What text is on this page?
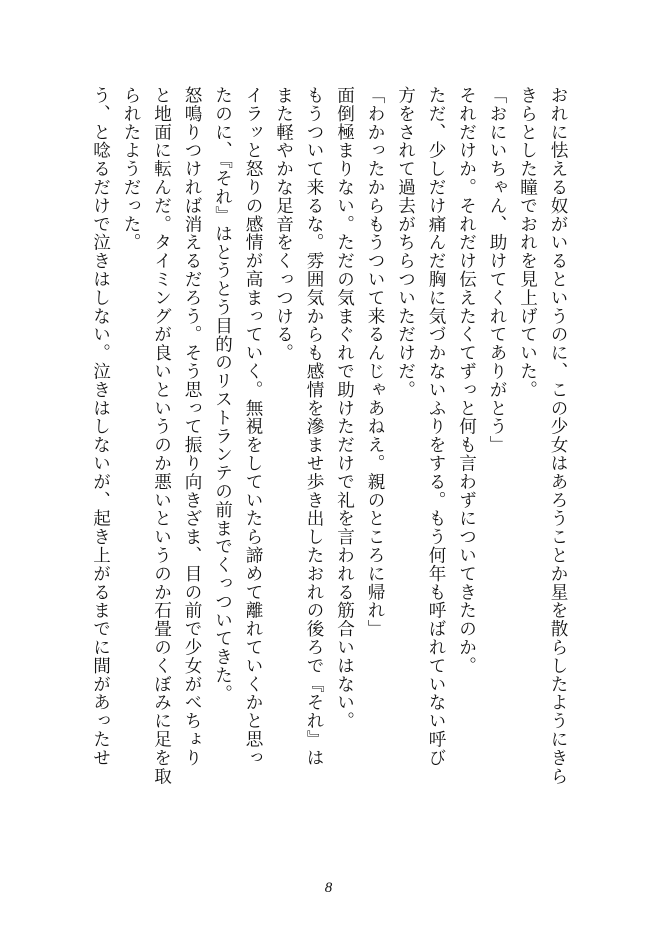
おれに怯える奴がいるというのに、この少女はあろうことか星を散らしたようにきら
きらとした瞳でおれを見上げていた。
「おにいちゃん、助けてくれてありがとう」
それだけか。それだけ伝えたくてずっと何も言わずについてきたのか。
ただ、少しだけ痛んだ胸に気づかないふりをする。もう何年も呼ばれていない呼び
方をされて過去がちらついただけだ。
「わかったからもうついて来るんじゃあねえ。親のところに帰れ」
面倒極まりない。ただの気まぐれで助けただけで礼を言われる筋合いはない。
もうついて来るな。雰囲気からも感情を滲ませ歩き出したおれの後ろで『それ』は
また軽やかな足音をくっつける。
イラッと怒りの感情が高まっていく。無視をしていたら諦めて離れていくかと思っ
たのに、『それ』はとうとう目的のリストランテの前までくっついてきた。
怒鳴りつければ消えるだろう。そう思って振り向きざま、目の前で少女がべちょり
と地面に転んだ。タイミングが良いというのか悪いというのか石畳のくぼみに足を取
られたようだった。
う、と唸るだけで泣きはしない。泣きはしないが、起き上がるまでに間があったせ
8
